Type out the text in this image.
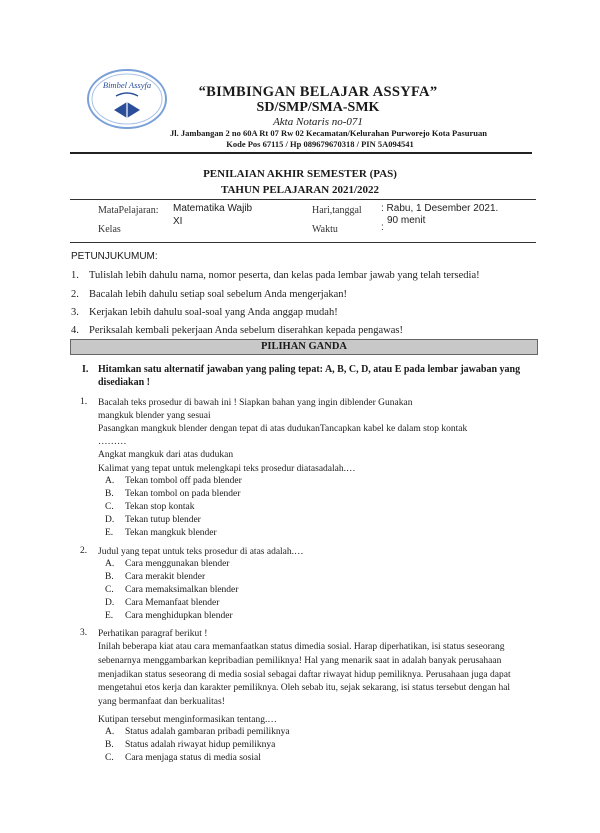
Bimbel Assyfa	“BIMBINGAN BELAJAR ASSYFA”
SD/SMP/SMA-SMK
Akta Notaris no-071
Jl. Jambangan 2 no 60A Rt 07 Rw 02 Kecamatan/Kelurahan Purworejo Kota Pasuruan
Kode Pos 67115 / Hp 089679670318 / PIN 5A094541
PENILAIAN AKHIR SEMESTER (PAS)
TAHUN PELAJARAN 2021/2022
MataPelajaran: Matematika Wajib
Kelas
XI
Hari,tanggal : Rabu, 1 Desember 2021.
Waktu	:
90 menit
PETUNJUKUMUM:
1. Tulislah lebih dahulu nama, nomor peserta, dan kelas pada lembar jawab yang telah tersedia!
2. Bacalah lebih dahulu setiap soal sebelum Anda mengerjakan!
3. Kerjakan lebih dahulu soal-soal yang Anda anggap mudah!
4. Periksalah kembali pekerjaan Anda sebelum diserahkan kepada pengawas!
PILIHAN GANDA
I. Hitamkan satu alternatif jawaban yang paling tepat: A, B, C, D, atau E pada lembar jawaban yang disediakan !
1. Bacalah teks prosedur di bawah ini ! Siapkan bahan yang ingin diblender Gunakan
mangkuk blender yang sesuai
Pasangkan mangkuk blender dengan tepat di atas dudukanTancapkan kabel ke dalam stop kontak
………
Angkat mangkuk dari atas dudukan
Kalimat yang tepat untuk melengkapi teks prosedur diatasadalah.…
A. Tekan tombol off pada blender
B. Tekan tombol on pada blender
C. Tekan stop kontak
D. Tekan tutup blender
E. Tekan mangkuk blender
2. Judul yang tepat untuk teks prosedur di atas adalah.…
A. Cara menggunakan blender
B. Cara merakit blender
C. Cara memaksimalkan blender
D. Cara Memanfaat blender
E. Cara menghidupkan blender
3. Perhatikan paragraf berikut !
Inilah beberapa kiat atau cara memanfaatkan status dimedia sosial. Harap diperhatikan, isi status seseorang sebenarnya menggambarkan kepribadian pemiliknya! Hal yang menarik saat in adalah banyak perusahaan menjadikan status seseorang di media sosial sebagai daftar riwayat hidup pemiliknya. Perusahaan juga dapat mengetahui etos kerja dan karakter pemiliknya. Oleh sebab itu, sejak sekarang, isi status tersebut dengan hal yang bermanfaat dan berkualitas!
Kutipan tersebut menginformasikan tentang.…
A. Status adalah gambaran pribadi pemiliknya
B. Status adalah riwayat hidup pemiliknya
C. Cara menjaga status di media sosial
